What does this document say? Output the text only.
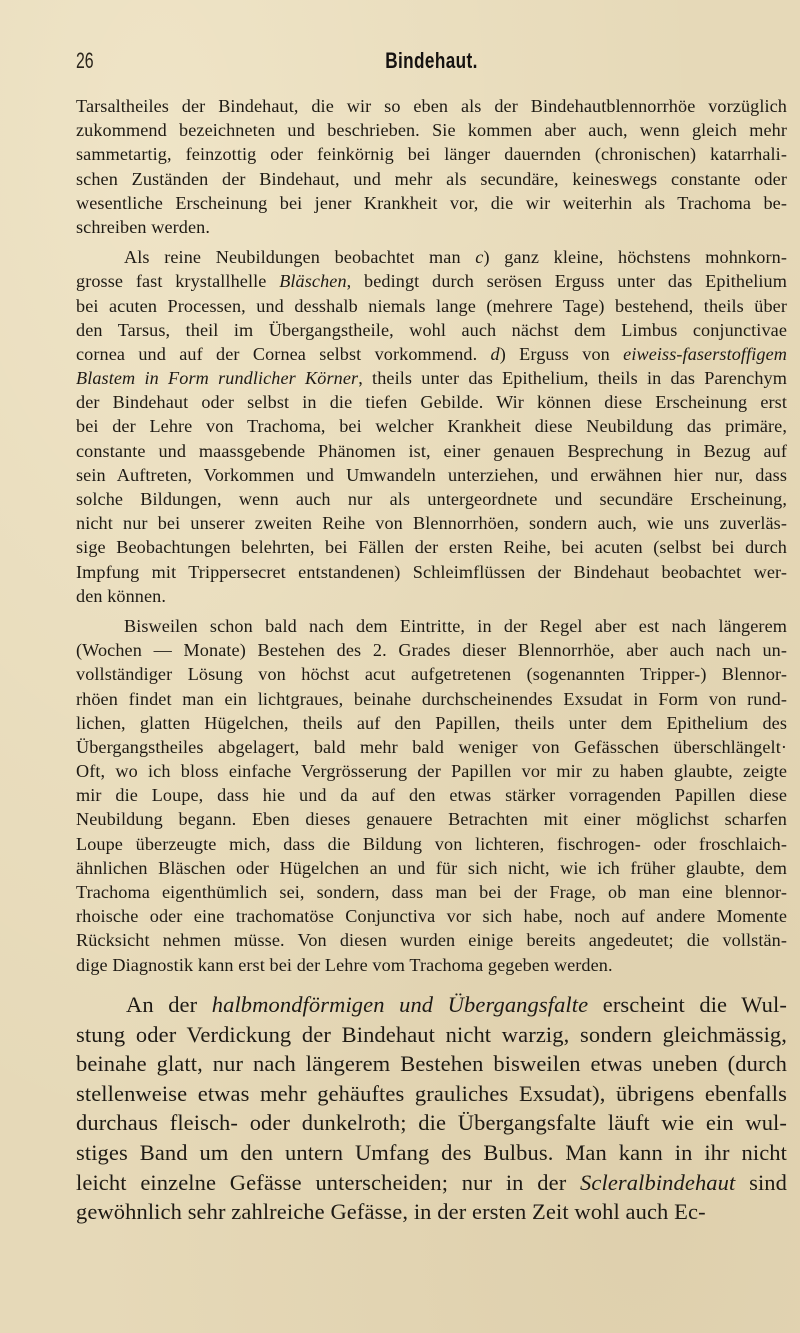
26	Bindehaut.
Tarsaltheiles der Bindehaut, die wir so eben als der Bindehautblennorrhöe vorzüglich
zukommend bezeichneten und beschrieben. Sie kommen aber auch, wenn gleich mehr
sammetartig, feinzottig oder feinkörnig bei länger dauernden (chronischen) katarrhali-
schen Zuständen der Bindehaut, und mehr als secundäre, keineswegs constante oder
wesentliche Erscheinung bei jener Krankheit vor, die wir weiterhin als Trachoma be-
schreiben werden.
Als reine Neubildungen beobachtet man c) ganz kleine, höchstens mohnkorn-
grosse fast krystallhelle Bläschen, bedingt durch serösen Erguss unter das Epithelium
bei acuten Processen, und desshalb niemals lange (mehrere Tage) bestehend, theils über
den Tarsus, theil im Übergangstheile, wohl auch nächst dem Limbus conjunctivae
cornea und auf der Cornea selbst vorkommend. d) Erguss von eiweiss-faserstoffigem
Blastem in Form rundlicher Körner, theils unter das Epithelium, theils in das Parenchym
der Bindehaut oder selbst in die tiefen Gebilde. Wir können diese Erscheinung erst
bei der Lehre von Trachoma, bei welcher Krankheit diese Neubildung das primäre,
constante und maassgebende Phänomen ist, einer genauen Besprechung in Bezug auf
sein Auftreten, Vorkommen und Umwandeln unterziehen, und erwähnen hier nur, dass
solche Bildungen, wenn auch nur als untergeordnete und secundäre Erscheinung,
nicht nur bei unserer zweiten Reihe von Blennorrhöen, sondern auch, wie uns zuverläs-
sige Beobachtungen belehrten, bei Fällen der ersten Reihe, bei acuten (selbst bei durch
Impfung mit Trippersecret entstandenen) Schleimflüssen der Bindehaut beobachtet wer-
den können.
Bisweilen schon bald nach dem Eintritte, in der Regel aber est nach längerem
(Wochen — Monate) Bestehen des 2. Grades dieser Blennorrhöe, aber auch nach un-
vollständiger Lösung von höchst acut aufgetretenen (sogenannten Tripper-) Blennor-
rhöen findet man ein lichtgraues, beinahe durchscheinendes Exsudat in Form von rund-
lichen, glatten Hügelchen, theils auf den Papillen, theils unter dem Epithelium des
Übergangstheiles abgelagert, bald mehr bald weniger von Gefässchen überschlängelt·
Oft, wo ich bloss einfache Vergrösserung der Papillen vor mir zu haben glaubte, zeigte
mir die Loupe, dass hie und da auf den etwas stärker vorragenden Papillen diese
Neubildung begann. Eben dieses genauere Betrachten mit einer möglichst scharfen
Loupe überzeugte mich, dass die Bildung von lichteren, fischrogen- oder froschlaich-
ähnlichen Bläschen oder Hügelchen an und für sich nicht, wie ich früher glaubte, dem
Trachoma eigenthümlich sei, sondern, dass man bei der Frage, ob man eine blennor-
rhoische oder eine trachomatöse Conjunctiva vor sich habe, noch auf andere Momente
Rücksicht nehmen müsse. Von diesen wurden einige bereits angedeutet; die vollstän-
dige Diagnostik kann erst bei der Lehre vom Trachoma gegeben werden.
An der halbmondförmigen und Übergangsfalte erscheint die Wul-
stung oder Verdickung der Bindehaut nicht warzig, sondern gleichmässig,
beinahe glatt, nur nach längerem Bestehen bisweilen etwas uneben (durch
stellenweise etwas mehr gehäuftes grauliches Exsudat), übrigens ebenfalls
durchaus fleisch- oder dunkelroth; die Übergangsfalte läuft wie ein wul-
stiges Band um den untern Umfang des Bulbus. Man kann in ihr nicht
leicht einzelne Gefässe unterscheiden; nur in der Scleralbindehaut sind
gewöhnlich sehr zahlreiche Gefässe, in der ersten Zeit wohl auch Ec-
